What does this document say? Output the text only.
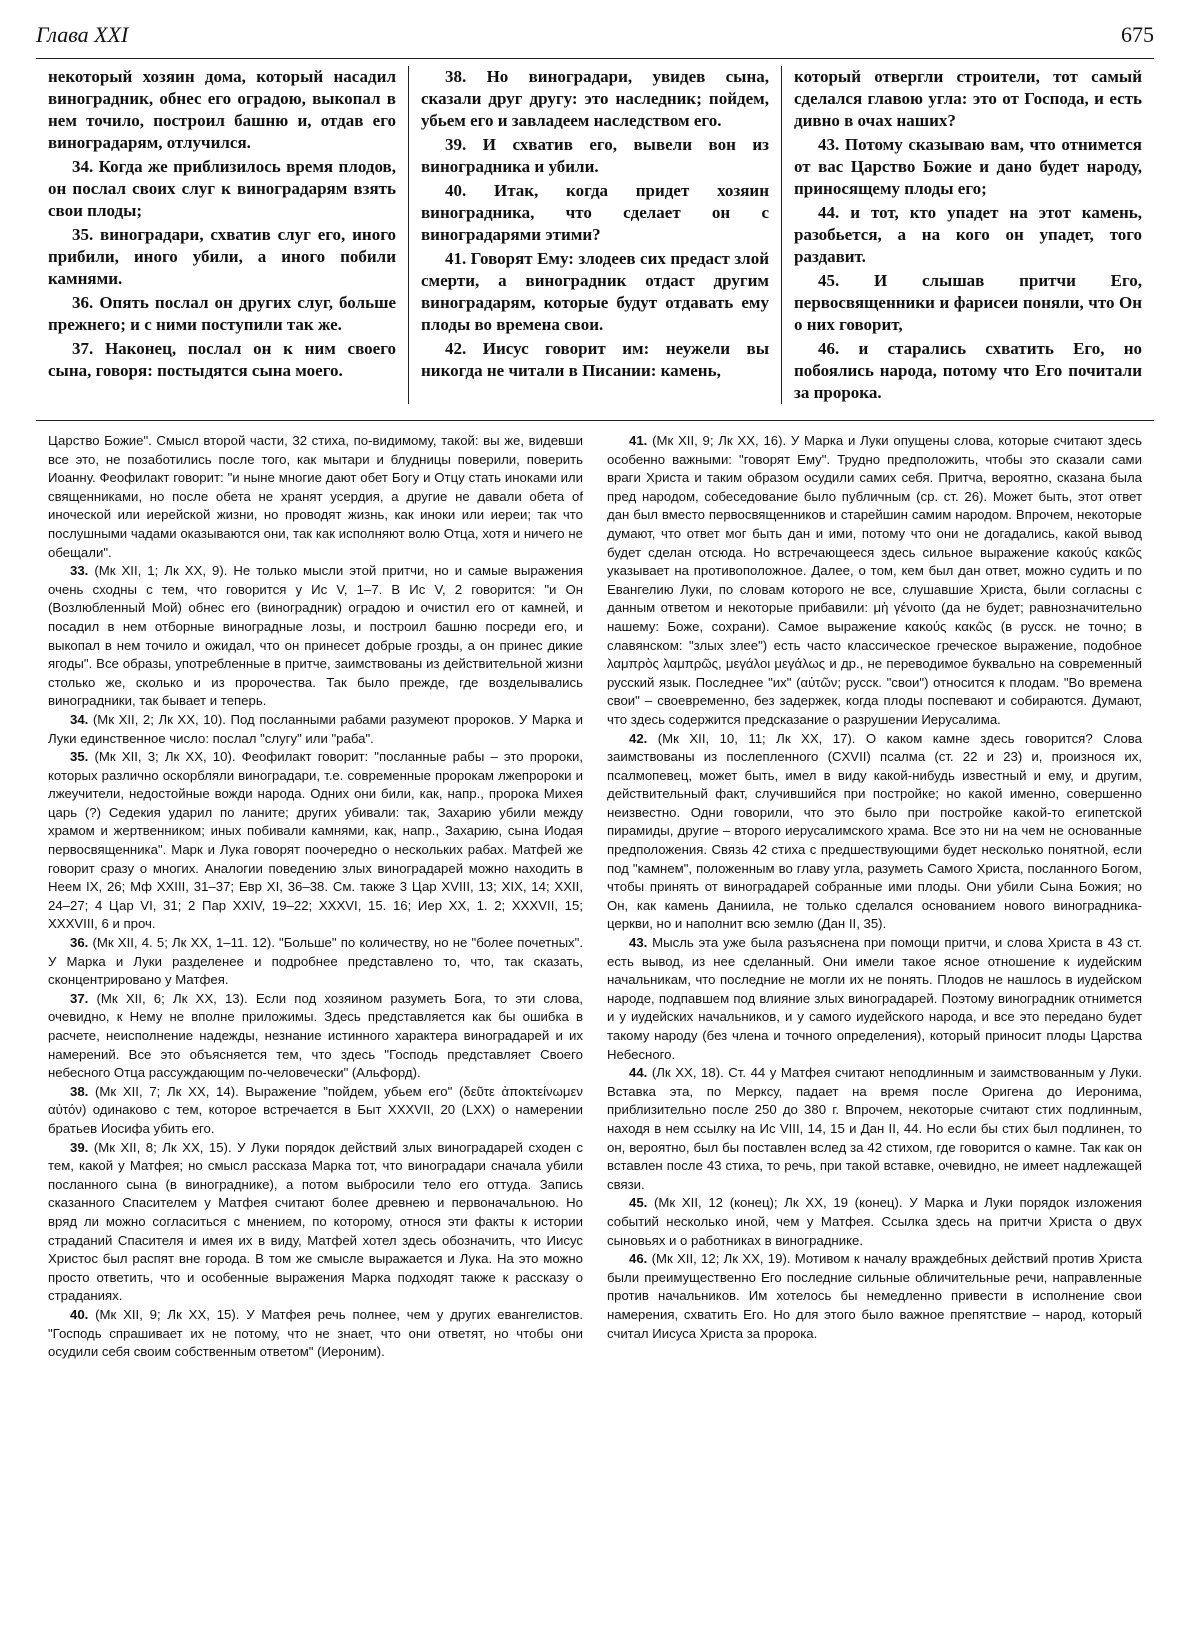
Глава XXI	675

некоторый хозяин дома, который насадил виноградник, обнес его оградою, выкопал в нем точило, построил башню и, отдав его виноградарям, отлучился.

34. Когда же приблизилось время плодов, он послал своих слуг к виноградарям взять свои плоды;

35. виноградари, схватив слуг его, иного прибили, иного убили, а иного побили камнями.

36. Опять послал он других слуг, больше прежнего; и с ними поступили так же.

37. Наконец, послал он к ним своего сына, говоря: постыдятся сына моего.

38. Но виноградари, увидев сына, сказали друг другу: это наследник; пойдем, убьем его и завладеем наследством его.

39. И схватив его, вывели вон из виноградника и убили.

40. Итак, когда придет хозяин виноградника, что сделает он с виноградарями этими?

41. Говорят Ему: злодеев сих предаст злой смерти, а виноградник отдаст другим виноградарям, которые будут отдавать ему плоды во времена свои.

42. Иисус говорит им: неужели вы никогда не читали в Писании: камень,

который отвергли строители, тот самый сделался главою угла: это от Господа, и есть дивно в очах наших?

43. Потому сказываю вам, что отнимется от вас Царство Божие и дано будет народу, приносящему плоды его;

44. и тот, кто упадет на этот камень, разобьется, а на кого он упадет, того раздавит.

45. И слышав притчи Его, первосвященники и фарисеи поняли, что Он о них говорит,

46. и старались схватить Его, но побоялись народа, потому что Его почитали за пророка.

Царство Божие". Смысл второй части, 32 стиха, по-видимому, такой: вы же, видевши все это, не позаботились после того, как мытари и блудницы поверили, поверить Иоанну. Феофилакт говорит: "и ныне многие дают обет Богу и Отцу стать иноками или священниками, но после обета не хранят усердия, а другие не давали обета of иноческой или иерейской жизни, но проводят жизнь, как иноки или иереи; так что послушными чадами оказываются они, так как исполняют волю Отца, хотя и ничего не обещали".

33. (Мк XII, 1; Лк XX, 9). Не только мысли этой притчи, но и самые выражения очень сходны с тем, что говорится у Ис V, 1–7. В Ис V, 2 говорится: "и Он (Возлюбленный Мой) обнес его (виноградник) оградою и очистил его от камней, и посадил в нем отборные виноградные лозы, и построил башню посреди его, и выкопал в нем точило и ожидал, что он принесет добрые грозды, а он принес дикие ягоды". Все образы, употребленные в притче, заимствованы из действительной жизни столько же, сколько и из пророчества. Так было прежде, где возделывались виноградники, так бывает и теперь.

34. (Мк XII, 2; Лк XX, 10). Под посланными рабами разумеют пророков. У Марка и Луки единственное число: послал "слугу" или "раба".

35. (Мк XII, 3; Лк XX, 10). Феофилакт говорит: "посланные рабы – это пророки, которых различно оскорбляли виноградари, т.е. современные пророкам лжепророки и лжеучители, недостойные вожди народа. Одних они били, как, напр., пророка Михея царь (?) Седекия ударил по ланите; других убивали: так, Захарию убили между храмом и жертвенником; иных побивали камнями, как, напр., Захарию, сына Иодая первосвященника". Марк и Лука говорят поочередно о нескольких рабах. Матфей же говорит сразу о многих. Аналогии поведению злых виноградарей можно находить в Неем IX, 26; Мф XXIII, 31–37; Евр XI, 36–38. См. также 3 Цар XVIII, 13; XIX, 14; XXII, 24–27; 4 Цар VI, 31; 2 Пар XXIV, 19–22; XXXVI, 15. 16; Иер XX, 1. 2; XXXVII, 15; XXXVIII, 6 и проч.

36. (Мк XII, 4. 5; Лк XX, 1–11. 12). "Больше" по количеству, но не "более почетных". У Марка и Луки разделенее и подробнее представлено то, что, так сказать, сконцентрировано у Матфея.

37. (Мк XII, 6; Лк XX, 13). Если под хозяином разуметь Бога, то эти слова, очевидно, к Нему не вполне приложимы. Здесь представляется как бы ошибка в расчете, неисполнение надежды, незнание истинного характера виноградарей и их намерений. Все это объясняется тем, что здесь "Господь представляет Своего небесного Отца рассуждающим по-человечески" (Альфорд).

38. (Мк XII, 7; Лк XX, 14). Выражение "пойдем, убьем его" (δεῦτε ἀποκτείνωμεν αὐτόν) одинаково с тем, которое встречается в Быт XXXVII, 20 (LXX) о намерении братьев Иосифа убить его.

39. (Мк XII, 8; Лк XX, 15). У Луки порядок действий злых виноградарей сходен с тем, какой у Матфея; но смысл рассказа Марка тот, что виноградари сначала убили посланного сына (в винограднике), а потом выбросили тело его оттуда. Запись сказанного Спасителем у Матфея считают более древнею и первоначальною. Но вряд ли можно согласиться с мнением, по которому, относя эти факты к истории страданий Спасителя и имея их в виду, Матфей хотел здесь обозначить, что Иисус Христос был распят вне города. В том же смысле выражается и Лука. На это можно просто ответить, что и особенные выражения Марка подходят также к рассказу о страданиях.

40. (Мк XII, 9; Лк XX, 15). У Матфея речь полнее, чем у других евангелистов. "Господь спрашивает их не потому, что не знает, что они ответят, но чтобы они осудили себя своим собственным ответом" (Иероним).

41. (Мк XII, 9; Лк XX, 16). У Марка и Луки опущены слова, которые считают здесь особенно важными: "говорят Ему". Трудно предположить, чтобы это сказали сами враги Христа и таким образом осудили самих себя. Притча, вероятно, сказана была пред народом, собеседование было публичным (ср. ст. 26). Может быть, этот ответ дан был вместо первосвященников и старейшин самим народом. Впрочем, некоторые думают, что ответ мог быть дан и ими, потому что они не догадались, какой вывод будет сделан отсюда. Но встречающееся здесь сильное выражение κακούς κακῶς указывает на противоположное. Далее, о том, кем был дан ответ, можно судить и по Евангелию Луки, по словам которого не все, слушавшие Христа, были согласны с данным ответом и некоторые прибавили: μὴ γένοιτο (да не будет; равнозначительно нашему: Боже, сохрани). Самое выражение κακούς κακῶς (в русск. не точно; в славянском: "злых злее") есть часто классическое греческое выражение, подобное λαμπρὸς λαμπρῶς, μεγάλοι μεγάλως и др., не переводимое буквально на современный русский язык. Последнее "их" (αὐτῶν; русск. "свои") относится к плодам. "Во времена свои" – своевременно, без задержек, когда плоды поспевают и собираются. Думают, что здесь содержится предсказание о разрушении Иерусалима.

42. (Мк XII, 10, 11; Лк XX, 17). О каком камне здесь говорится? Слова заимствованы из послепленного (CXVII) псалма (ст. 22 и 23) и, произнося их, псалмопевец, может быть, имел в виду какой-нибудь известный и ему, и другим, действительный факт, случившийся при постройке; но какой именно, совершенно неизвестно. Одни говорили, что это было при постройке какой-то египетской пирамиды, другие – второго иерусалимского храма. Все это ни на чем не основанные предположения. Связь 42 стиха с предшествующими будет несколько понятной, если под "камнем", положенным во главу угла, разуметь Самого Христа, посланного Богом, чтобы принять от виноградарей собранные ими плоды. Они убили Сына Божия; но Он, как камень Даниила, не только сделался основанием нового виноградника-церкви, но и наполнит всю землю (Дан II, 35).

43. Мысль эта уже была разъяснена при помощи притчи, и слова Христа в 43 ст. есть вывод, из нее сделанный. Они имели такое ясное отношение к иудейским начальникам, что последние не могли их не понять. Плодов не нашлось в иудейском народе, подпавшем под влияние злых виноградарей. Поэтому виноградник отнимется и у иудейских начальников, и у самого иудейского народа, и все это передано будет такому народу (без члена и точного определения), который приносит плоды Царства Небесного.

44. (Лк XX, 18). Ст. 44 у Матфея считают неподлинным и заимствованным у Луки. Вставка эта, по Мерксу, падает на время после Оригена до Иеронима, приблизительно после 250 до 380 г. Впрочем, некоторые считают стих подлинным, находя в нем ссылку на Ис VIII, 14, 15 и Дан II, 44. Но если бы стих был подлинен, то он, вероятно, был бы поставлен вслед за 42 стихом, где говорится о камне. Так как он вставлен после 43 стиха, то речь, при такой вставке, очевидно, не имеет надлежащей связи.

45. (Мк XII, 12 (конец); Лк XX, 19 (конец). У Марка и Луки порядок изложения событий несколько иной, чем у Матфея. Ссылка здесь на притчи Христа о двух сыновьях и о работниках в винограднике.

46. (Мк XII, 12; Лк XX, 19). Мотивом к началу враждебных действий против Христа были преимущественно Его последние сильные обличительные речи, направленные против начальников. Им хотелось бы немедленно привести в исполнение свои намерения, схватить Его. Но для этого было важное препятствие – народ, который считал Иисуса Христа за пророка.
